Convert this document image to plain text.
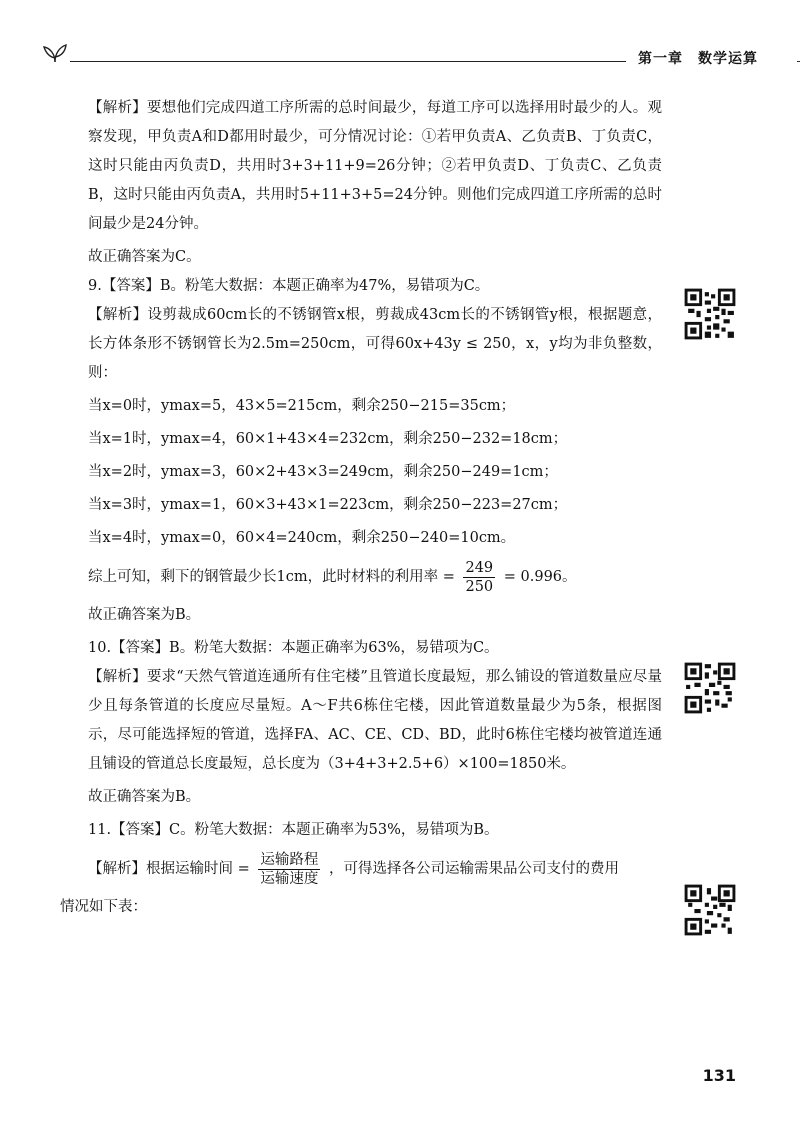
第一章　数学运算

【解析】要想他们完成四道工序所需的总时间最少，每道工序可以选择用时最少的人。观察发现，甲负责A和D都用时最少，可分情况讨论：①若甲负责A、乙负责B、丁负责C，这时只能由丙负责D，共用时3+3+11+9=26分钟；②若甲负责D、丁负责C、乙负责B，这时只能由丙负责A，共用时5+11+3+5=24分钟。则他们完成四道工序所需的总时间最少是24分钟。

故正确答案为C。

9.【答案】B。粉笔大数据：本题正确率为47%，易错项为C。

【解析】设剪裁成60cm长的不锈钢管x根，剪裁成43cm长的不锈钢管y根，根据题意，长方体条形不锈钢管长为2.5m=250cm，可得60x+43y ≤ 250，x，y均为非负整数，则：

当x=0时，ymax=5，43×5=215cm，剩余250−215=35cm；

当x=1时，ymax=4，60×1+43×4=232cm，剩余250−232=18cm；

当x=2时，ymax=3，60×2+43×3=249cm，剩余250−249=1cm；

当x=3时，ymax=1，60×3+43×1=223cm，剩余250−223=27cm；

当x=4时，ymax=0，60×4=240cm，剩余250−240=10cm。

综上可知，剩下的钢管最少长1cm，此时材料的利用率 = $\frac{249}{250} = 0.996$。

故正确答案为B。

10.【答案】B。粉笔大数据：本题正确率为63%，易错项为C。

【解析】要求“天然气管道连通所有住宅楼”且管道长度最短，那么铺设的管道数量应尽量少且每条管道的长度应尽量短。A～F共6栋住宅楼，因此管道数量最少为5条，根据图示，尽可能选择短的管道，选择FA、AC、CE、CD、BD，此时6栋住宅楼均被管道连通且铺设的管道总长度最短，总长度为（3+4+3+2.5+6）×100=1850米。

故正确答案为B。

11.【答案】C。粉笔大数据：本题正确率为53%，易错项为B。

【解析】根据运输时间 = $\frac{\text{运输路程}}{\text{运输速度}}$ ，可得选择各公司运输需果品公司支付的费用

情况如下表：

131
